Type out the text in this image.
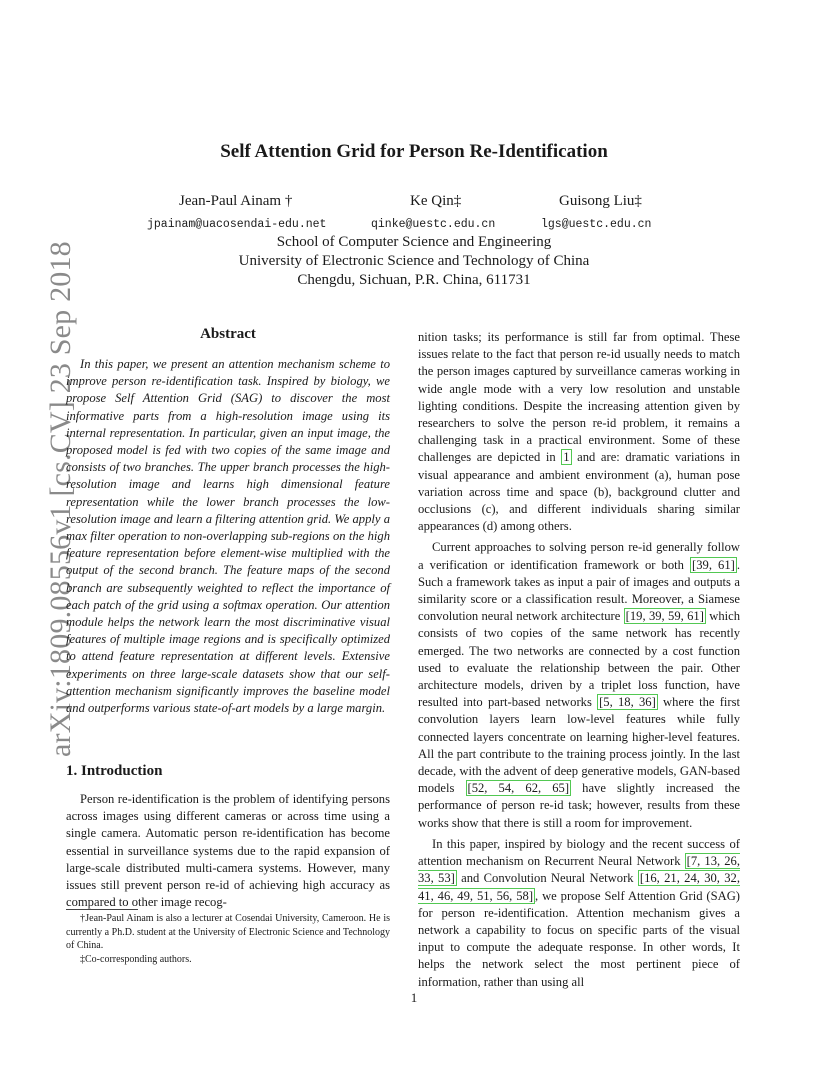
arXiv:1809.08556v1 [cs.CV] 23 Sep 2018
Self Attention Grid for Person Re-Identification
Jean-Paul Ainam †	Ke Qin‡	Guisong Liu‡
jpainam@uacosendai-edu.net	qinke@uestc.edu.cn	lgs@uestc.edu.cn
School of Computer Science and Engineering
University of Electronic Science and Technology of China
Chengdu, Sichuan, P.R. China, 611731
Abstract

In this paper, we present an attention mechanism scheme to improve person re-identification task. Inspired by biology, we propose Self Attention Grid (SAG) to discover the most informative parts from a high-resolution image using its internal representation. In particular, given an input image, the proposed model is fed with two copies of the same image and consists of two branches. The upper branch processes the high-resolution image and learns high dimensional feature representation while the lower branch processes the low-resolution image and learn a filtering attention grid. We apply a max filter operation to non-overlapping sub-regions on the high feature representation before element-wise multiplied with the output of the second branch. The feature maps of the second branch are subsequently weighted to reflect the importance of each patch of the grid using a softmax operation. Our attention module helps the network learn the most discriminative visual features of multiple image regions and is specifically optimized to attend feature representation at different levels. Extensive experiments on three large-scale datasets show that our self-attention mechanism significantly improves the baseline model and outperforms various state-of-art models by a large margin.

1. Introduction

Person re-identification is the problem of identifying persons across images using different cameras or across time using a single camera. Automatic person re-identification has become essential in surveillance systems due to the rapid expansion of large-scale distributed multi-camera systems. However, many issues still prevent person re-id of achieving high accuracy as compared to other image recog-

†Jean-Paul Ainam is also a lecturer at Cosendai University, Cameroon. He is currently a Ph.D. student at the University of Electronic Science and Technology of China.

‡Co-corresponding authors.

nition tasks; its performance is still far from optimal. These issues relate to the fact that person re-id usually needs to match the person images captured by surveillance cameras working in wide angle mode with a very low resolution and unstable lighting conditions. Despite the increasing attention given by researchers to solve the person re-id problem, it remains a challenging task in a practical environment. Some of these challenges are depicted in 1 and are: dramatic variations in visual appearance and ambient environment (a), human pose variation across time and space (b), background clutter and occlusions (c), and different individuals sharing similar appearances (d) among others.

Current approaches to solving person re-id generally follow a verification or identification framework or both [39, 61] . Such a framework takes as input a pair of images and outputs a similarity score or a classification result. Moreover, a Siamese convolution neural network architecture [19, 39, 59, 61] which consists of two copies of the same network has recently emerged. The two networks are connected by a cost function used to evaluate the relationship between the pair. Other architecture models, driven by a triplet loss function, have resulted into part-based networks [5, 18, 36] where the first convolution layers learn low-level features while fully connected layers concentrate on learning higher-level features. All the part contribute to the training process jointly. In the last decade, with the advent of deep generative models, GAN-based models [52, 54, 62, 65] have slightly increased the performance of person re-id task; however, results from these works show that there is still a room for improvement.

In this paper, inspired by biology and the recent success of attention mechanism on Recurrent Neural Network [7, 13, 26, 33, 53] and Convolution Neural Network [16, 21, 24, 30, 32, 41, 46, 49, 51, 56, 58] , we propose Self Attention Grid (SAG) for person re-identification. Attention mechanism gives a network a capability to focus on specific parts of the visual input to compute the adequate response. In other words, It helps the network select the most pertinent piece of information, rather than using all

1
